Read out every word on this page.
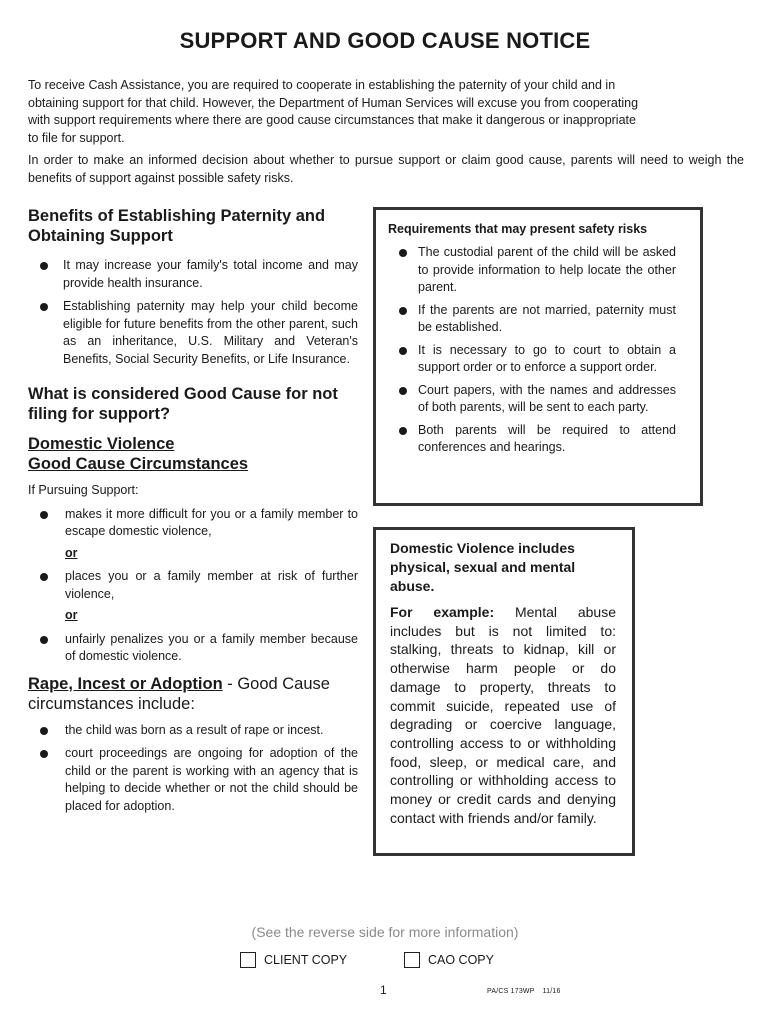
SUPPORT AND GOOD CAUSE NOTICE

To receive Cash Assistance, you are required to cooperate in establishing the paternity of your child and in obtaining support for that child. However, the Department of Human Services will excuse you from cooperating with support requirements where there are good cause circumstances that make it dangerous or inappropriate to file for support.

In order to make an informed decision about whether to pursue support or claim good cause, parents will need to weigh the benefits of support against possible safety risks.

Benefits of Establishing Paternity and Obtaining Support
It may increase your family's total income and may provide health insurance.
Establishing paternity may help your child become eligible for future benefits from the other parent, such as an inheritance, U.S. Military and Veteran's Benefits, Social Security Benefits, or Life Insurance.
What is considered Good Cause for not filing for support?
Domestic Violence
Good Cause Circumstances
If Pursuing Support:
makes it more difficult for you or a family member to escape domestic violence,
or
places you or a family member at risk of further violence,
or
unfairly penalizes you or a family member because of domestic violence.
Rape, Incest or Adoption - Good Cause circumstances include:
the child was born as a result of rape or incest.
court proceedings are ongoing for adoption of the child or the parent is working with an agency that is helping to decide whether or not the child should be placed for adoption.
Requirements that may present safety risks
The custodial parent of the child will be asked to provide information to help locate the other parent.
If the parents are not married, paternity must be established.
It is necessary to go to court to obtain a support order or to enforce a support order.
Court papers, with the names and addresses of both parents, will be sent to each party.
Both parents will be required to attend conferences and hearings.
Domestic Violence includes physical, sexual and mental abuse.
For example: Mental abuse includes but is not limited to: stalking, threats to kidnap, kill or otherwise harm people or do damage to property, threats to commit suicide, repeated use of degrading or coercive language, controlling access to or withholding food, sleep, or medical care, and controlling or withholding access to money or credit cards and denying contact with friends and/or family.
(See the reverse side for more information)
CLIENT COPY	CAO COPY
1	PA/CS 173WP 11/16
